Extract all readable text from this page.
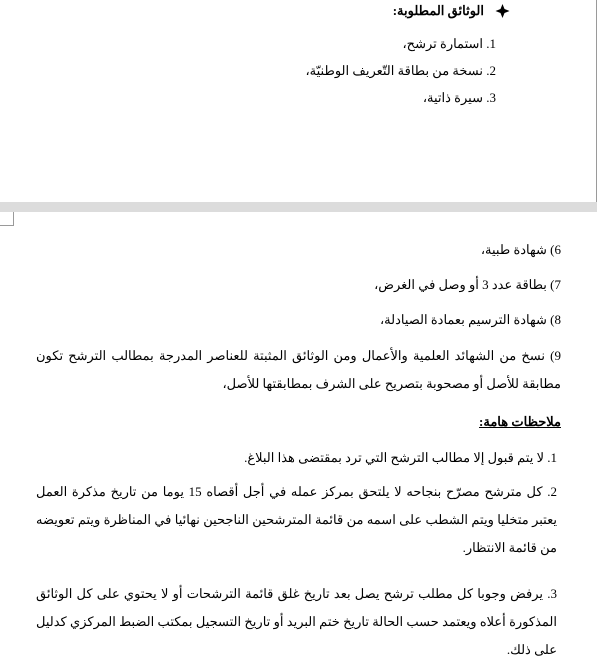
الوثائق المطلوبة:
1. استمارة ترشح،
2. نسخة من بطاقة التّعريف الوطنيّة،
3. سيرة ذاتية،
6) شهادة طبية،
7) بطاقة عدد 3 أو وصل في الغرض،
8) شهادة الترسيم بعمادة الصيادلة،
9) نسخ من الشهائد العلمية والأعمال ومن الوثائق المثبتة للعناصر المدرجة بمطالب الترشح تكون مطابقة للأصل أو مصحوبة بتصريح على الشرف بمطابقتها للأصل،
ملاحظات هامة:
1. لا يتم قبول إلا مطالب الترشح التي ترد بمقتضى هذا البلاغ.
2. كل مترشح مصرّح بنجاحه لا يلتحق بمركز عمله في أجل أقصاه 15 يوما من تاريخ مذكرة العمل يعتبر متخليا ويتم الشطب على اسمه من قائمة المترشحين الناجحين نهائيا في المناظرة ويتم تعويضه من قائمة الانتظار.
3. يرفض وجوبا كل مطلب ترشح يصل بعد تاريخ غلق قائمة الترشحات أو لا يحتوي على كل الوثائق المذكورة أعلاه ويعتمد حسب الحالة تاريخ ختم البريد أو تاريخ التسجيل بمكتب الضبط المركزي كدليل على ذلك.
